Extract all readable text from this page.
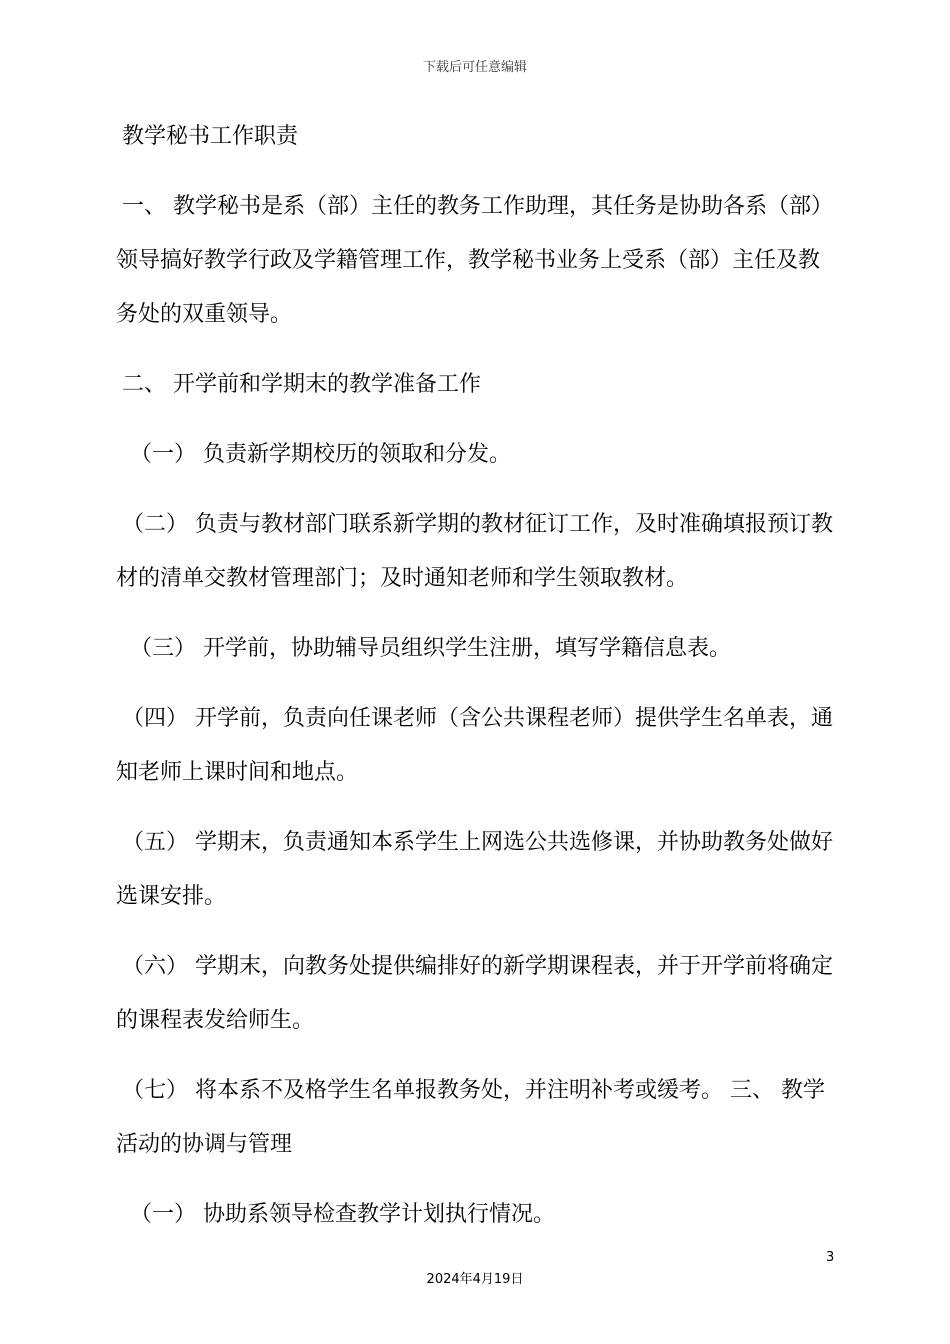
下载后可任意编辑

教学秘书工作职责

一、 教学秘书是系（部）主任的教务工作助理，其任务是协助各系（部）领导搞好教学行政及学籍管理工作，教学秘书业务上受系（部）主任及教务处的双重领导。

二、 开学前和学期末的教学准备工作

（一） 负责新学期校历的领取和分发。

（二） 负责与教材部门联系新学期的教材征订工作，及时准确填报预订教材的清单交教材管理部门；及时通知老师和学生领取教材。

（三） 开学前，协助辅导员组织学生注册，填写学籍信息表。

（四） 开学前，负责向任课老师（含公共课程老师）提供学生名单表，通知老师上课时间和地点。

（五） 学期末，负责通知本系学生上网选公共选修课，并协助教务处做好选课安排。

（六） 学期末，向教务处提供编排好的新学期课程表，并于开学前将确定的课程表发给师生。

（七） 将本系不及格学生名单报教务处，并注明补考或缓考。 三、 教学活动的协调与管理

（一） 协助系领导检查教学计划执行情况。

3
2024年4月19日
